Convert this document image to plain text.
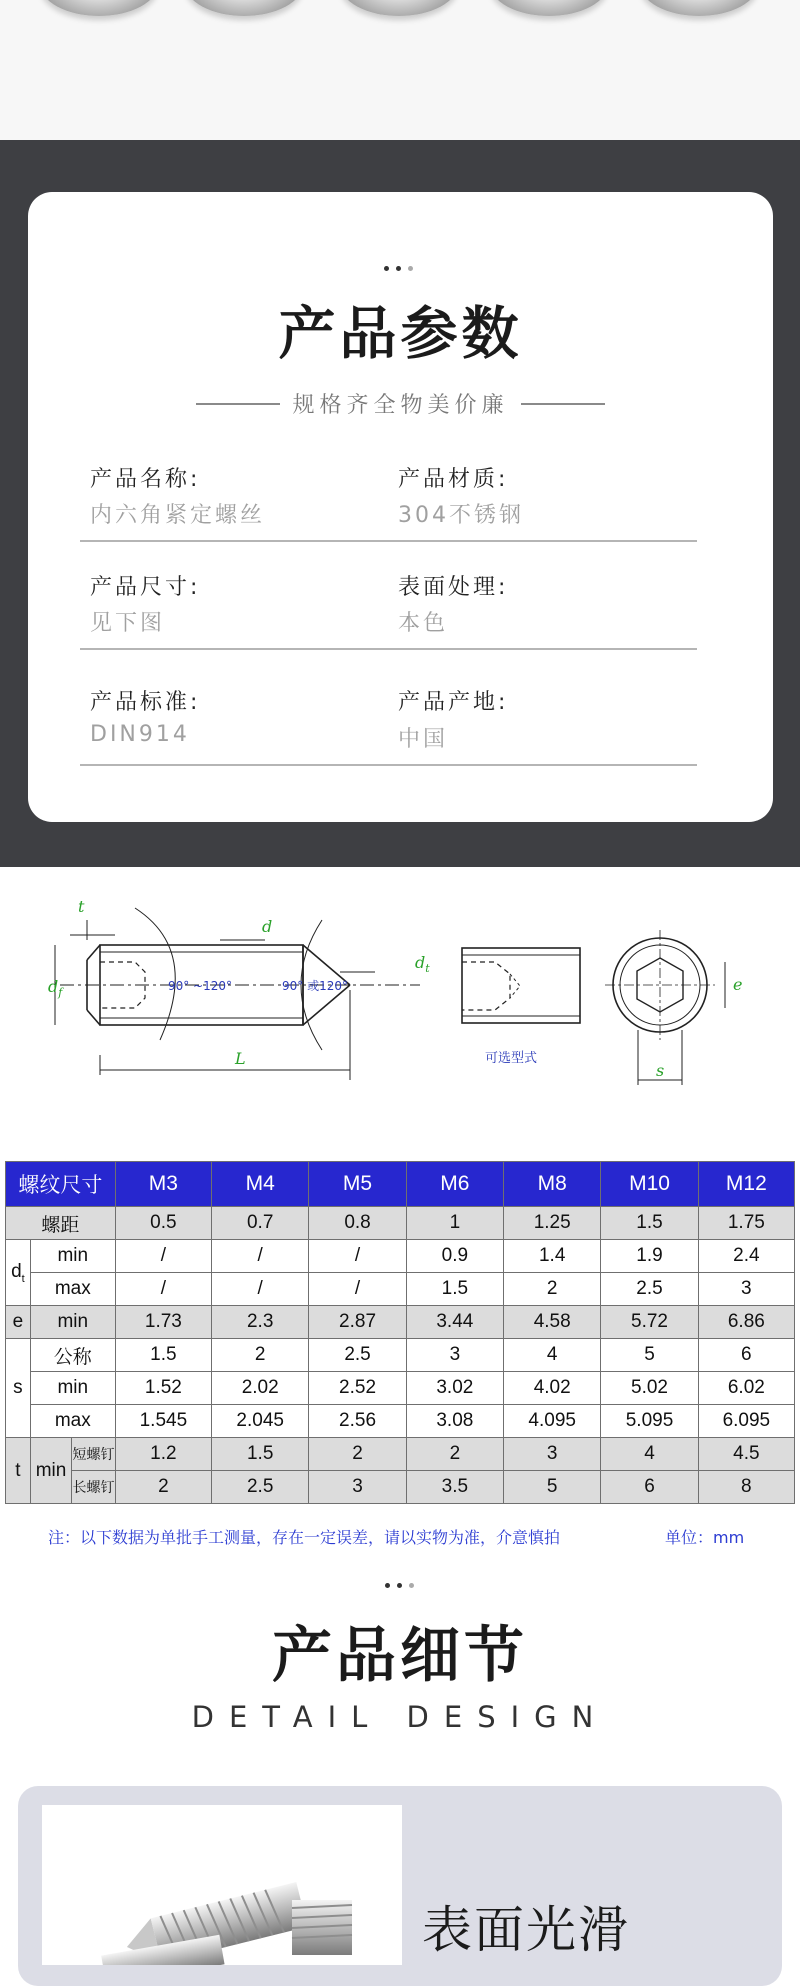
产品参数
规格齐全物美价廉
产品名称:
内六角紧定螺丝
产品材质:
304不锈钢
产品尺寸:
见下图
表面处理:
本色
产品标准:
DIN914
产品产地:
中国
t
$d_f$
d
$d_t$
L
s
e
90° ~120°	90° 或120°
可选型式
螺纹尺寸			M3	M4	M5	M6	M8	M10	M12
螺距			0.5	0.7	0.8	1	1.25	1.5	1.75
$d_t$	min		/	/	/	0.9	1.4	1.9	2.4
	max		/	/	/	1.5	2	2.5	3
e	min		1.73	2.3	2.87	3.44	4.58	5.72	6.86
s	公称		1.5	2	2.5	3	4	5	6
	min		1.52	2.02	2.52	3.02	4.02	5.02	6.02
	max		1.545	2.045	2.56	3.08	4.095	5.095	6.095
t	min	短螺钉	1.2	1.5	2	2	3	4	4.5
		长螺钉	2	2.5	3	3.5	5	6	8
注：以下数据为单批手工测量，存在一定误差，请以实物为准，介意慎拍	单位：mm
产品细节
DETAIL DESIGN
表面光滑
